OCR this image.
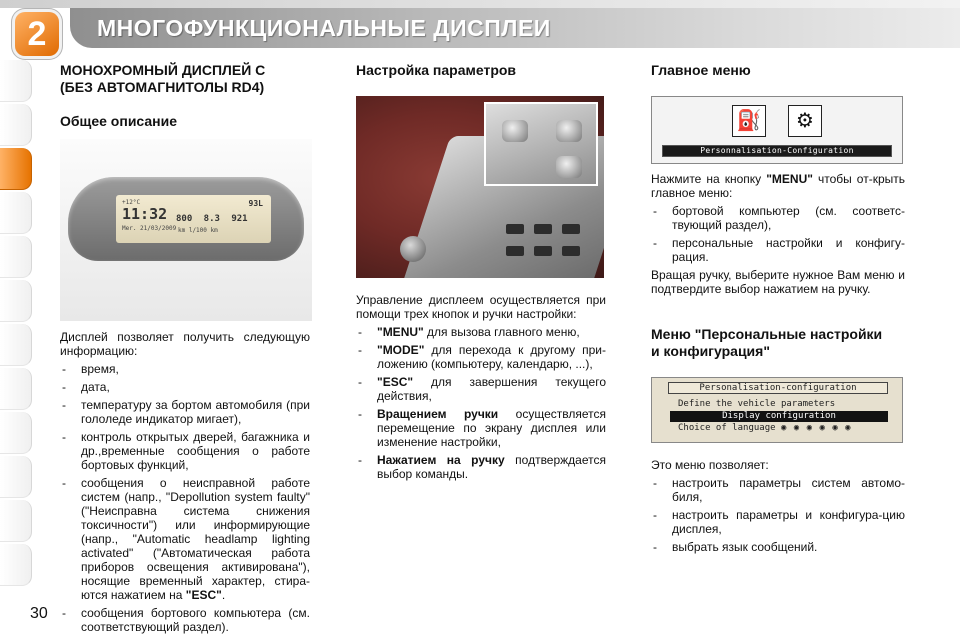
2	МНОГОФУНКЦИОНАЛЬНЫЕ ДИСПЛЕИ
30
МОНОХРОМНЫЙ ДИСПЛЕЙ С
(БЕЗ АВТОМАГНИТОЛЫ RD4)
Общее описание
11:32
Mer. 21/03/2009
93L
800 8.3 921
km l/100 km
+12°C

Дисплей позволяет получить следующую информацию:

- время,
- дата,
- температуру за бортом автомобиля (при гололеде индикатор мигает),
- контроль открытых дверей, багажника и др.,временные сообщения о работе бортовых функций,
- сообщения о неисправной работе систем (напр., "Depollution system faulty" ("Неисправна система снижения токсичности") или информирующие (напр., "Automatic headlamp lighting activated" ("Автоматическая работа приборов освещения активирована"), носящие временный характер, стира-ются нажатием на "ESC".
- сообщения бортового компьютера (см. соответствующий раздел).
Настройка параметров

Управление дисплеем осуществляется при помощи трех кнопок и ручки настройки:

- "MENU" для вызова главного меню,
- "MODE" для перехода к другому при-ложению (компьютеру, календарю, ...),
- "ESC" для завершения текущего действия,
- Вращением ручки осуществляется перемещение по экрану дисплея или изменение настройки,
- Нажатием на ручку подтверждается выбор команды.
Главное меню
⛽	⚙
Personnalisation-Configuration

Нажмите на кнопку "MENU" чтобы от-крыть главное меню:

- бортовой компьютер (см. соответс-твующий раздел),
- персональные настройки и конфигу-рация.

Вращая ручку, выберите нужное Вам меню и подтвердите выбор нажатием на ручку.

Меню "Персональные настройки
и конфигурация"
Personalisation-configuration
Define the vehicle parameters
Display configuration
Choice of language ◉ ◉ ◉ ◉ ◉ ◉

Это меню позволяет:

- настроить параметры систем автомо-биля,
- настроить параметры и конфигура-цию дисплея,
- выбрать язык сообщений.
